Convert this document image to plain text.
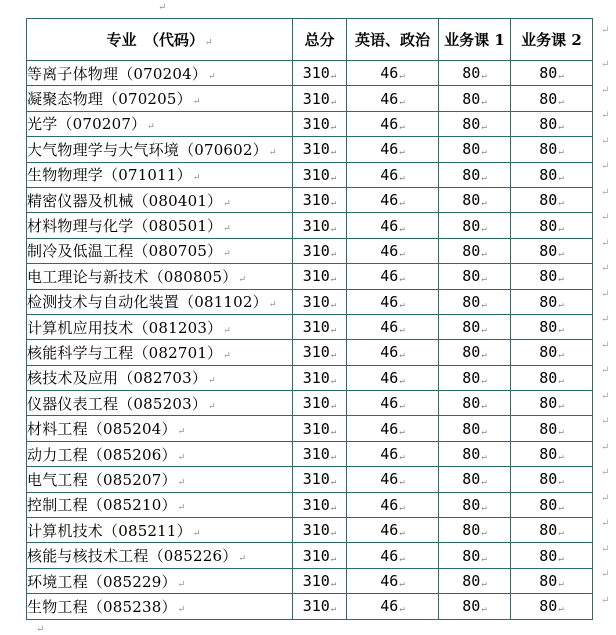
↵
专业　（代码）↵	总分	英语、政治	业务课 1	业务课 2
等离子体物理（070204）↵	310↵	46↵	80↵	80↵
凝聚态物理（070205）↵	310↵	46↵	80↵	80↵
光学（070207）↵	310↵	46↵	80↵	80↵
大气物理学与大气环境（070602）↵	310↵	46↵	80↵	80↵
生物物理学（071011）↵	310↵	46↵	80↵	80↵
精密仪器及机械（080401）↵	310↵	46↵	80↵	80↵
材料物理与化学（080501）↵	310↵	46↵	80↵	80↵
制冷及低温工程（080705）↵	310↵	46↵	80↵	80↵
电工理论与新技术（080805）↵	310↵	46↵	80↵	80↵
检测技术与自动化装置（081102）↵	310↵	46↵	80↵	80↵
计算机应用技术（081203）↵	310↵	46↵	80↵	80↵
核能科学与工程（082701）↵	310↵	46↵	80↵	80↵
核技术及应用（082703）↵	310↵	46↵	80↵	80↵
仪器仪表工程（085203）↵	310↵	46↵	80↵	80↵
材料工程（085204）↵	310↵	46↵	80↵	80↵
动力工程（085206）↵	310↵	46↵	80↵	80↵
电气工程（085207）↵	310↵	46↵	80↵	80↵
控制工程（085210）↵	310↵	46↵	80↵	80↵
计算机技术（085211）↵	310↵	46↵	80↵	80↵
核能与核技术工程（085226）↵	310↵	46↵	80↵	80↵
环境工程（085229）↵	310↵	46↵	80↵	80↵
生物工程（085238）↵	310↵	46↵	80↵	80↵
↵
↵
↵
↵
↵
↵
↵
↵
↵
↵
↵
↵
↵
↵
↵
↵
↵
↵
↵
↵
↵
↵
↵
↵
